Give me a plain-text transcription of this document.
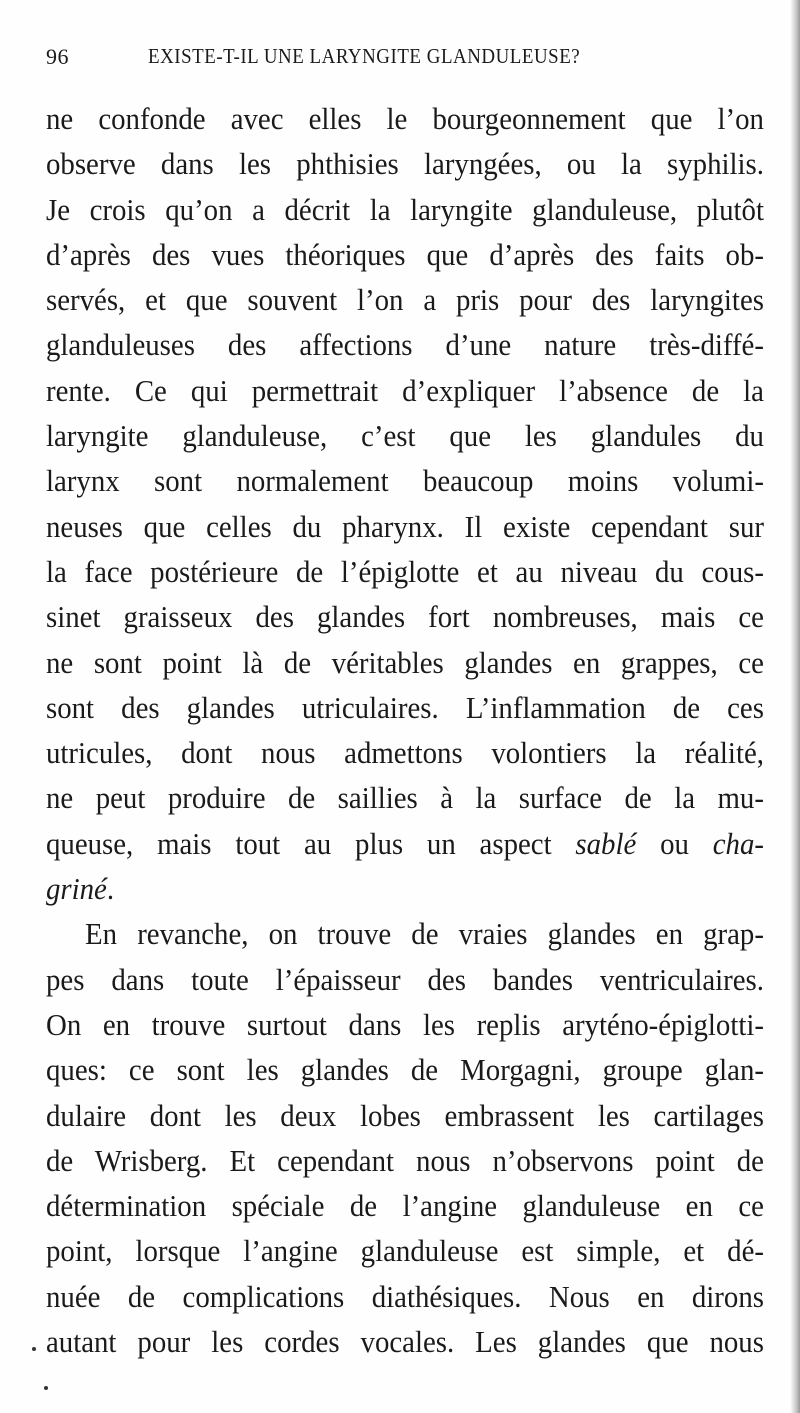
96	EXISTE-T-IL UNE LARYNGITE GLANDULEUSE?
ne confonde avec elles le bourgeonnement que l’on
observe dans les phthisies laryngées, ou la syphilis.
Je crois qu’on a décrit la laryngite glanduleuse, plutôt
d’après des vues théoriques que d’après des faits ob-
servés, et que souvent l’on a pris pour des laryngites
glanduleuses des affections d’une nature très-diffé-
rente. Ce qui permettrait d’expliquer l’absence de la
laryngite glanduleuse, c’est que les glandules du
larynx sont normalement beaucoup moins volumi-
neuses que celles du pharynx. Il existe cependant sur
la face postérieure de l’épiglotte et au niveau du cous-
sinet graisseux des glandes fort nombreuses, mais ce
ne sont point là de véritables glandes en grappes, ce
sont des glandes utriculaires. L’inflammation de ces
utricules, dont nous admettons volontiers la réalité,
ne peut produire de saillies à la surface de la mu-
queuse, mais tout au plus un aspect sablé ou cha-
griné.
En revanche, on trouve de vraies glandes en grap-
pes dans toute l’épaisseur des bandes ventriculaires.
On en trouve surtout dans les replis aryténo-épiglotti-
ques: ce sont les glandes de Morgagni, groupe glan-
dulaire dont les deux lobes embrassent les cartilages
de Wrisberg. Et cependant nous n’observons point de
détermination spéciale de l’angine glanduleuse en ce
point, lorsque l’angine glanduleuse est simple, et dé-
nuée de complications diathésiques. Nous en dirons
autant pour les cordes vocales. Les glandes que nous
